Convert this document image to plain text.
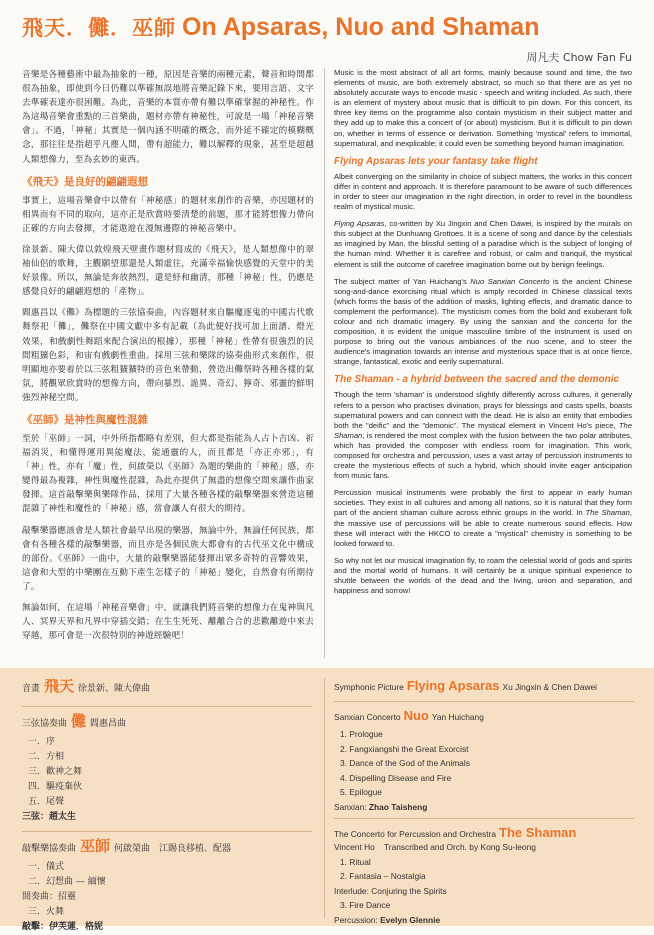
飛天．儺．巫師 On Apsaras, Nuo and Shaman
周凡夫 Chow Fan Fu

音樂是各種藝術中最為抽象的一種，原因是音樂的兩種元素，聲音和時間都很為抽象，即使到今日仍難以準確無誤地將音樂記錄下來，要用言語、文字去準確表達亦很困難。為此，音樂的本質亦帶有難以準確掌握的神秘性。作為這場音樂會重點的三首樂曲，題材亦帶有神秘性，可說是一場「神秘音樂會」。不過，「神秘」其實是一個內涵不明確的概念，而外延不確定的模糊概念，那往往是指超乎凡塵人間，帶有超能力，難以解釋的現象，甚至是超越人類想像力，至為玄妙的東西。

《飛天》是良好的翩翩遐想

事實上，這場音樂會中以帶有「神秘感」的題材來創作的音樂，亦因題材的相異而有不同的取向，這亦正是欣賞時要清楚的前題，那才能將想像力帶向正確的方向去發揮，才能遨遊在漫無邊際的神秘音樂中。

徐景新、陳大偉以敦煌飛天壁畫作題材寫成的《飛天》，是人類想像中的翠袖仙侶的歌舞，主觀願望那還是人類虛往，充滿幸福愉快感覺的天堂中的美好景像。所以，無論是奔放熱烈，還是紓和幽清，那種「神秘」性，仍應是感覺良好的翩翩遐想的「產物」。

閻惠昌以《儺》為標題的三弦協奏曲，內容題材來自驅魔逐鬼的中國古代歌舞祭祀「儺」，儺祭在中國文獻中多有記載（為此便好找可加上面譜、燈光效果，和戲劇性舞蹈來配合演出的根據），那種「神秘」性帶有很強烈的民間粗獷色彩，和宙有戲劇性重曲。採用三弦和樂隊的協奏曲形式來創作，很明顯地亦要着於以三弦粗獷獷特的音色來帶動，營造出儺祭時各種各樣的氣氛，將觀眾欣賞時的想像方向，帶向暴烈、詭異、奇幻、獰奇、邪靈的鮮明強烈神秘空間。

《巫師》是神性與魔性混雜

至於「巫師」一詞，中外所指都略有差別，但大都是指能為人占卜吉凶、祈福消災，和懂得運用異能魔法，能通靈的人，而且都是「亦正亦邪」，有「神」性，亦有「魔」性，何啟榮以《巫師》為題的樂曲的「神秘」感，亦變得最為複雜，神性與魔性混雜，為此亦提供了無盡的想像空間來讓作曲家發揮。這首敲擊樂與樂隊作品，採用了大量各種各樣的敲擊樂器來營造這種混雜了神性和魔性的「神秘」感，當會讓人有很大的期待。

敲擊樂器應該會是人類社會最早出現的樂器，無論中外，無論任何民族，都會有各種各樣的敲擊樂器，而且亦是各個民族大都會有的古代巫文化中構成的部份。《巫師》一曲中，大量的敲擊樂器能發揮出眾多奇特的音響效果，這會和大型的中樂團在互動下產生怎樣子的「神秘」變化，自然會有所期待了。

無論如何，在這場「神秘音樂會」中，就讓我們將音樂的想像力在鬼神與凡人、冥界天界和凡界中穿插交錯；在生生死死、離離合合的悲歡離遊中來去穿越，那可會是一次很特別的神遊經驗吧！

Music is the most abstract of all art forms, mainly because sound and time, the two elements of music, are both extremely abstract, so much so that there are as yet no absolutely accurate ways to encode music - speech and writing included. As such, there is an element of mystery about music that is difficult to pin down. For this concert, its three key items on the programme also contain mysticism in their subject matter and they add up to make this a concert of (or about) mysticism. But it is difficult to pin down on, whether in terms of essence or derivation. Something 'mystical' refers to immortal, supernatural, and inexplicable; it could even be something beyond human imagination.

Flying Apsaras lets your fantasy take flight

Albeit converging on the similarity in choice of subject matters, the works in this concert differ in content and approach. It is therefore paramount to be aware of such differences in order to steer our imagination in the right direction, in order to revel in the boundless realm of mystical music.

Flying Apsaras, co-written by Xu Jingxin and Chen Dawei, is inspired by the murals on this subject at the Dunhuang Grottoes. It is a scene of song and dance by the celestials as imagined by Man, the blissful setting of a paradise which is the subject of longing of the human mind. Whether it is carefree and robust, or calm and tranquil, the mystical element is still the outcome of carefree imagination borne out by benign feelings.

The subject matter of Yan Huichang's Nuo Sanxian Concerto is the ancient Chinese song-and-dance exorcising ritual which is amply recorded in Chinese classical texts (which forms the basis of the addition of masks, lighting effects, and dramatic dance to complement the performance). The mysticism comes from the bold and exuberant folk colour and rich dramatic imagery. By using the sanxian and the concerto for the composition, it is evident the unique masculine timbre of the instrument is used on purpose to bring out the various ambiances of the nuo scene, and to steer the audience's imagination towards an intense and mysterious space that is at once fierce, strange, fantastical, exotic and eerily supernatural.

The Shaman - a hybrid between the sacred and the demonic

Though the term 'shaman' is understood slightly differently across cultures, it generally refers to a person who practises divination, prays for blessings and casts spells, boasts supernatural powers and can connect with the dead. He is also an entity that embodies both the "deific" and the "demonic". The mystical element in Vincent Ho's piece, The Shaman, is rendered the most complex with the fusion between the two polar attributes, which has provided the composer with endless room for imagination. This work, composed for orchestra and percussion, uses a vast array of percussion instruments to create the mysterious effects of such a hybrid, which should invite eager anticipation from music fans.

Percussion musical instruments were probably the first to appear in early human societies. They exist in all cultures and among all nations, so it is natural that they form part of the ancient shaman culture across ethnic groups in the world. In The Shaman, the massive use of percussions will be able to create numerous sound effects. How these will interact with the HKCO to create a "mystical" chemistry is something to be looked forward to.

So why not let our musical imagination fly, to roam the celestial world of gods and spirits and the mortal world of humans. It will certainly be a unique spiritual experience to shuttle between the worlds of the dead and the living, union and separation, and happiness and sorrow!

音畫 飛天 徐景新、陳大偉曲
三弦協奏曲 儺 閻惠昌曲
一．序
二．方相
三．歡神之舞
四．驅疫棄伙
五．尾聲
三弦：趙太生
敲擊樂協奏曲 巫師 何啟榮曲　江賜良移植、配器
一．儀式
二．幻想曲 — 緬懷
間奏曲：招靈
三．火舞
敲擊：伊芙蓮．格妮
Symphonic Picture Flying Apsaras Xu Jingxin & Chen Dawei
Sanxian Concerto Nuo Yan Huichang
1. Prologue
2. Fangxiangshi the Great Exorcist
3. Dance of the God of the Animals
4. Dispelling Disease and Fire
5. Epilogue
Sanxian: Zhao Taisheng
The Concerto for Percussion and Orchestra The Shaman
Vincent Ho    Transcribed and Orch. by Kong Su-leong
1. Ritual
2. Fantasia – Nostalgia
Interlude: Conjuring the Spirits
3. Fire Dance
Percussion: Evelyn Glennie
